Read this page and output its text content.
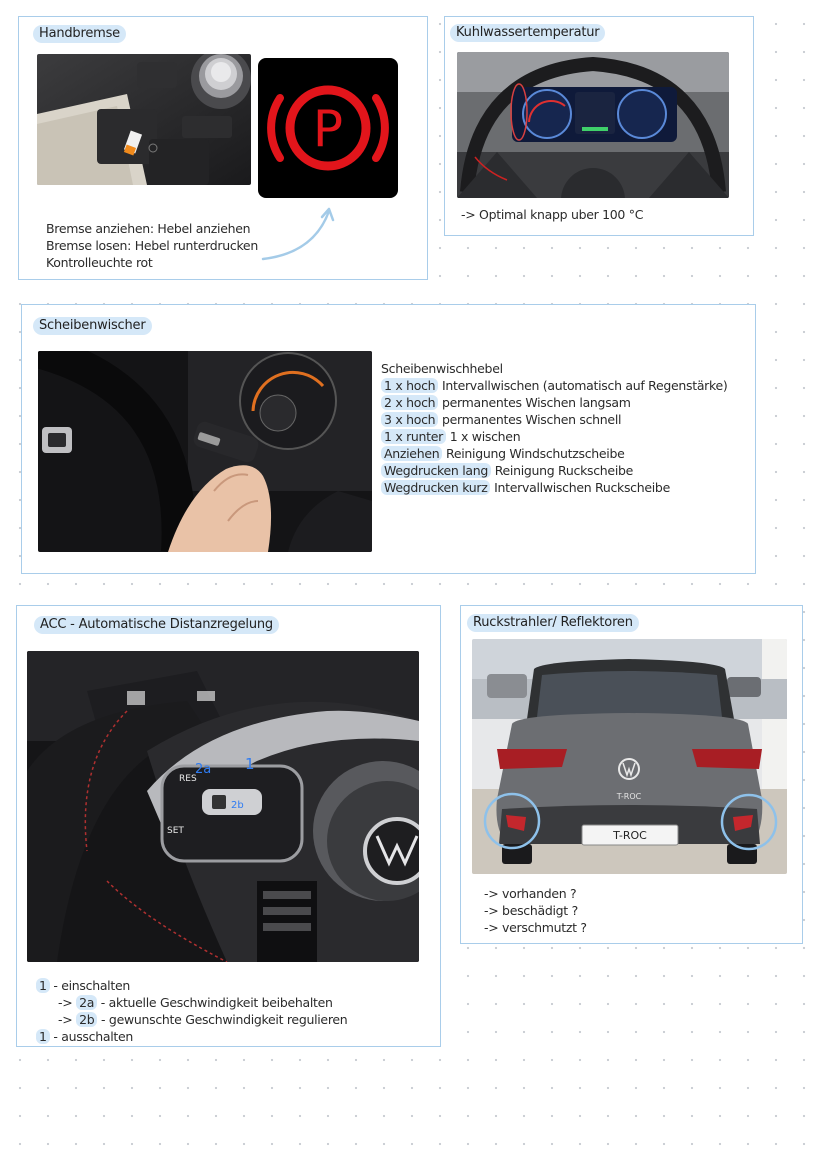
Handbremse
P
Bremse anziehen: Hebel anziehen
Bremse losen: Hebel runterdrucken
Kontrolleuchte rot
Kuhlwassertemperatur
-> Optimal knapp uber 100 °C
Scheibenwischer
Scheibenwischhebel
1 x hoch Intervallwischen (automatisch auf Regenstärke)
2 x hoch permanentes Wischen langsam
3 x hoch permanentes Wischen schnell
1 x runter 1 x wischen
Anziehen Reinigung Windschutzscheibe
Wegdrucken lang Reinigung Ruckscheibe
Wegdrucken kurz Intervallwischen Ruckscheibe
ACC - Automatische Distanzregelung
RES
SET
2a 1
2b
1 - einschalten
-> 2a - aktuelle Geschwindigkeit beibehalten
-> 2b - gewunschte Geschwindigkeit regulieren
1 - ausschalten
Ruckstrahler/ Reflektoren
T-ROC
T-ROC
-> vorhanden ?
-> beschädigt ?
-> verschmutzt ?
